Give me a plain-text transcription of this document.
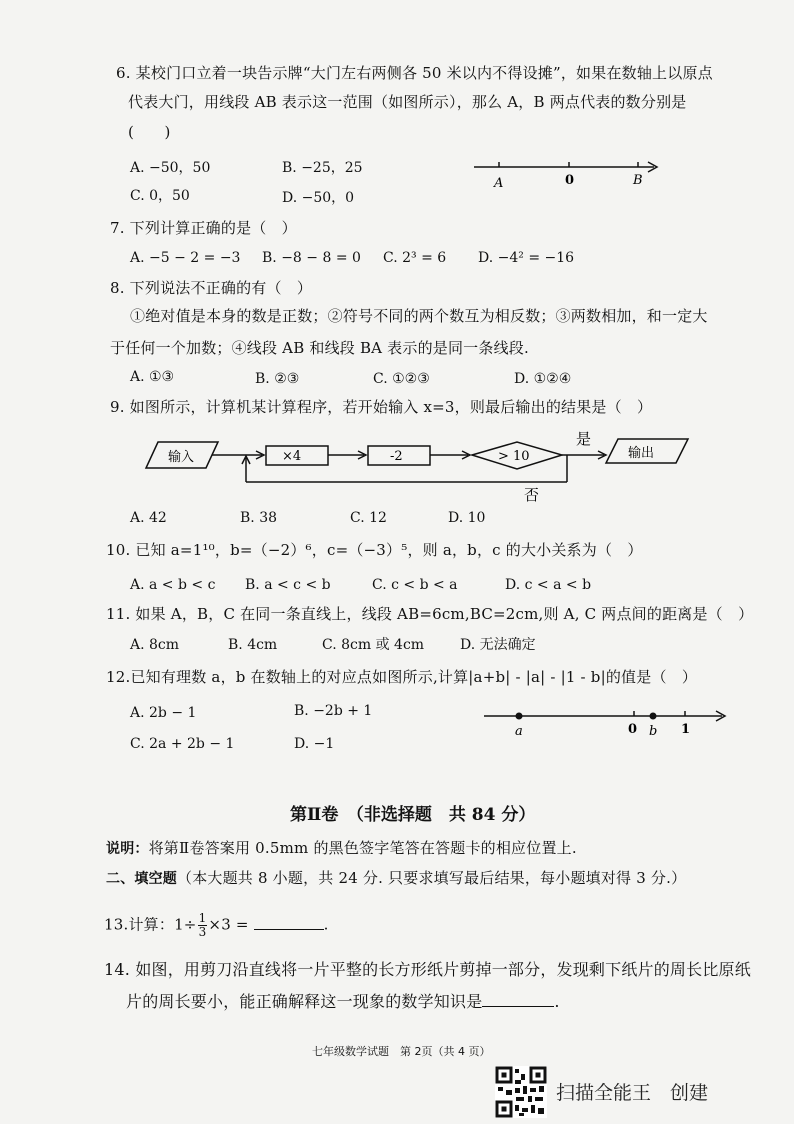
6. 某校门口立着一块告示牌“大门左右两侧各 50 米以内不得设摊”，如果在数轴上以原点
代表大门，用线段 AB 表示这一范围（如图所示），那么 A，B 两点代表的数分别是
(　　)
A. −50，50	B. −25，25
C. 0，50	D. −50，0
A	0	B
7. 下列计算正确的是（　）
A. −5 − 2 = −3 B. −8 − 8 = 0 C. 2³ = 6 D. −4² = −16
8. 下列说法不正确的有（　）
①绝对值是本身的数是正数；②符号不同的两个数互为相反数；③两数相加，和一定大
于任何一个加数；④线段 AB 和线段 BA 表示的是同一条线段.
A. ①③	B. ②③	C. ①②③	D. ①②④
9. 如图所示，计算机某计算程序，若开始输入 x=3，则最后输出的结果是（　）
输入	×4	-2	> 10
是
输出
否
A. 42	B. 38	C. 12	D. 10
10. 已知 a=1¹⁰，b=（−2）⁶，c=（−3）⁵，则 a，b，c 的大小关系为（　）
A. a < b < c B. a < c < b	C. c < b < a	D. c < a < b
11. 如果 A，B，C 在同一条直线上，线段 AB=6cm,BC=2cm,则 A, C 两点间的距离是（　）
A. 8cm	B. 4cm	C. 8cm 或 4cm	D. 无法确定
12.已知有理数 a，b 在数轴上的对应点如图所示,计算|a+b| - |a| - |1 - b|的值是（　）
A. 2b − 1	B. −2b + 1
C. 2a + 2b − 1	D. −1
a	0 b 1
第Ⅱ卷　（非选择题　共 84 分）
说明：将第Ⅱ卷答案用 0.5mm 的黑色签字笔答在答题卡的相应位置上.
二、填空题（本大题共 8 小题，共 24 分. 只要求填写最后结果，每小题填对得 3 分.）
13.计算：$1\div \frac{1}{3} \times 3$ =	.
14. 如图，用剪刀沿直线将一片平整的长方形纸片剪掉一部分，发现剩下纸片的周长比原纸
片的周长要小，能正确解释这一现象的数学知识是	.
七年级数学试题　第 2页（共 4 页）
扫描全能王　创建
